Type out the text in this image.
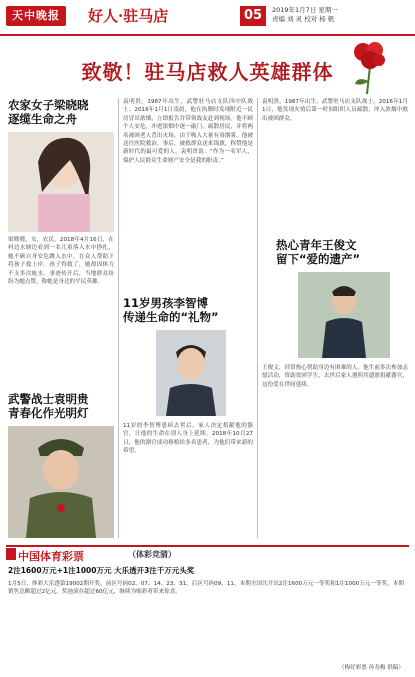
天中晚报	好人·驻马店	05	2019年1月7日 星期一
责编 刘 灵 校对 杨 帆
致敬！驻马店救人英雄群体
农家女子梁晓晓
逐缆生命之舟
梁晓晓，女，农民。2018年4月16日，在村边水塘边看到一名儿童落入水中挣扎，她不顾自身安危跳入水中，在众人帮助下将孩子救上岸。孩子得救了，她却因体力不支多次呛水。事迹传开后，当地群众纷纷为她点赞，称她是身边的平民英雄。
武警战士袁明贵
青春化作光明灯
袁明贵，1987年出生，武警驻马店支队四中队战士。2016年1月1日凌晨，他在执勤时发现附近一民房冒出浓烟，立即报告并带领战友赶到现场。他不顾个人安危，冲进浓烟中逐一敲门，疏散居民，并将两名被困老人背出火场。由于吸入大量有毒烟雾，他被送往医院救治。事后，被救群众送来锦旗，称赞他是新时代的最可爱的人。袁明贵说：“作为一名军人，保护人民群众生命财产安全是我的职责。”
11岁男孩李智博
传递生命的“礼物”
11岁的李智博患病去世后，家人决定捐献他的器官，让他的生命在别人身上延续。2018年10月27日，他的器官成功移植给多名患者，为他们带来新的希望。
袁明贵，1987年出生，武警驻马店支队战士。2016年1月1日，他发现火情后第一时间组织人员疏散，冲入浓烟中救出被困群众。
热心青年王俊文
留下“爱的遗产”
王俊文，经常热心帮助身边有困难的人。他生前多次参加志愿活动，资助贫困学生，去世后家人遵照其遗愿捐献器官，这份爱在世间延续。
中国体育彩票	（体彩竞猜）
2注1600万元+1注1000万元 大乐透开3注千万元头奖
1月5日，体彩大乐透第19002期开奖，前区号码02、07、14、23、31，后区号码09、11。本期全国共开出2注1600万元一等奖和1注1000万元一等奖，本期销售总额超过2亿元，奖池滚存超过60亿元，继续为购彩者带来惊喜。
（梅好彩票 孙寿梅 供稿）
